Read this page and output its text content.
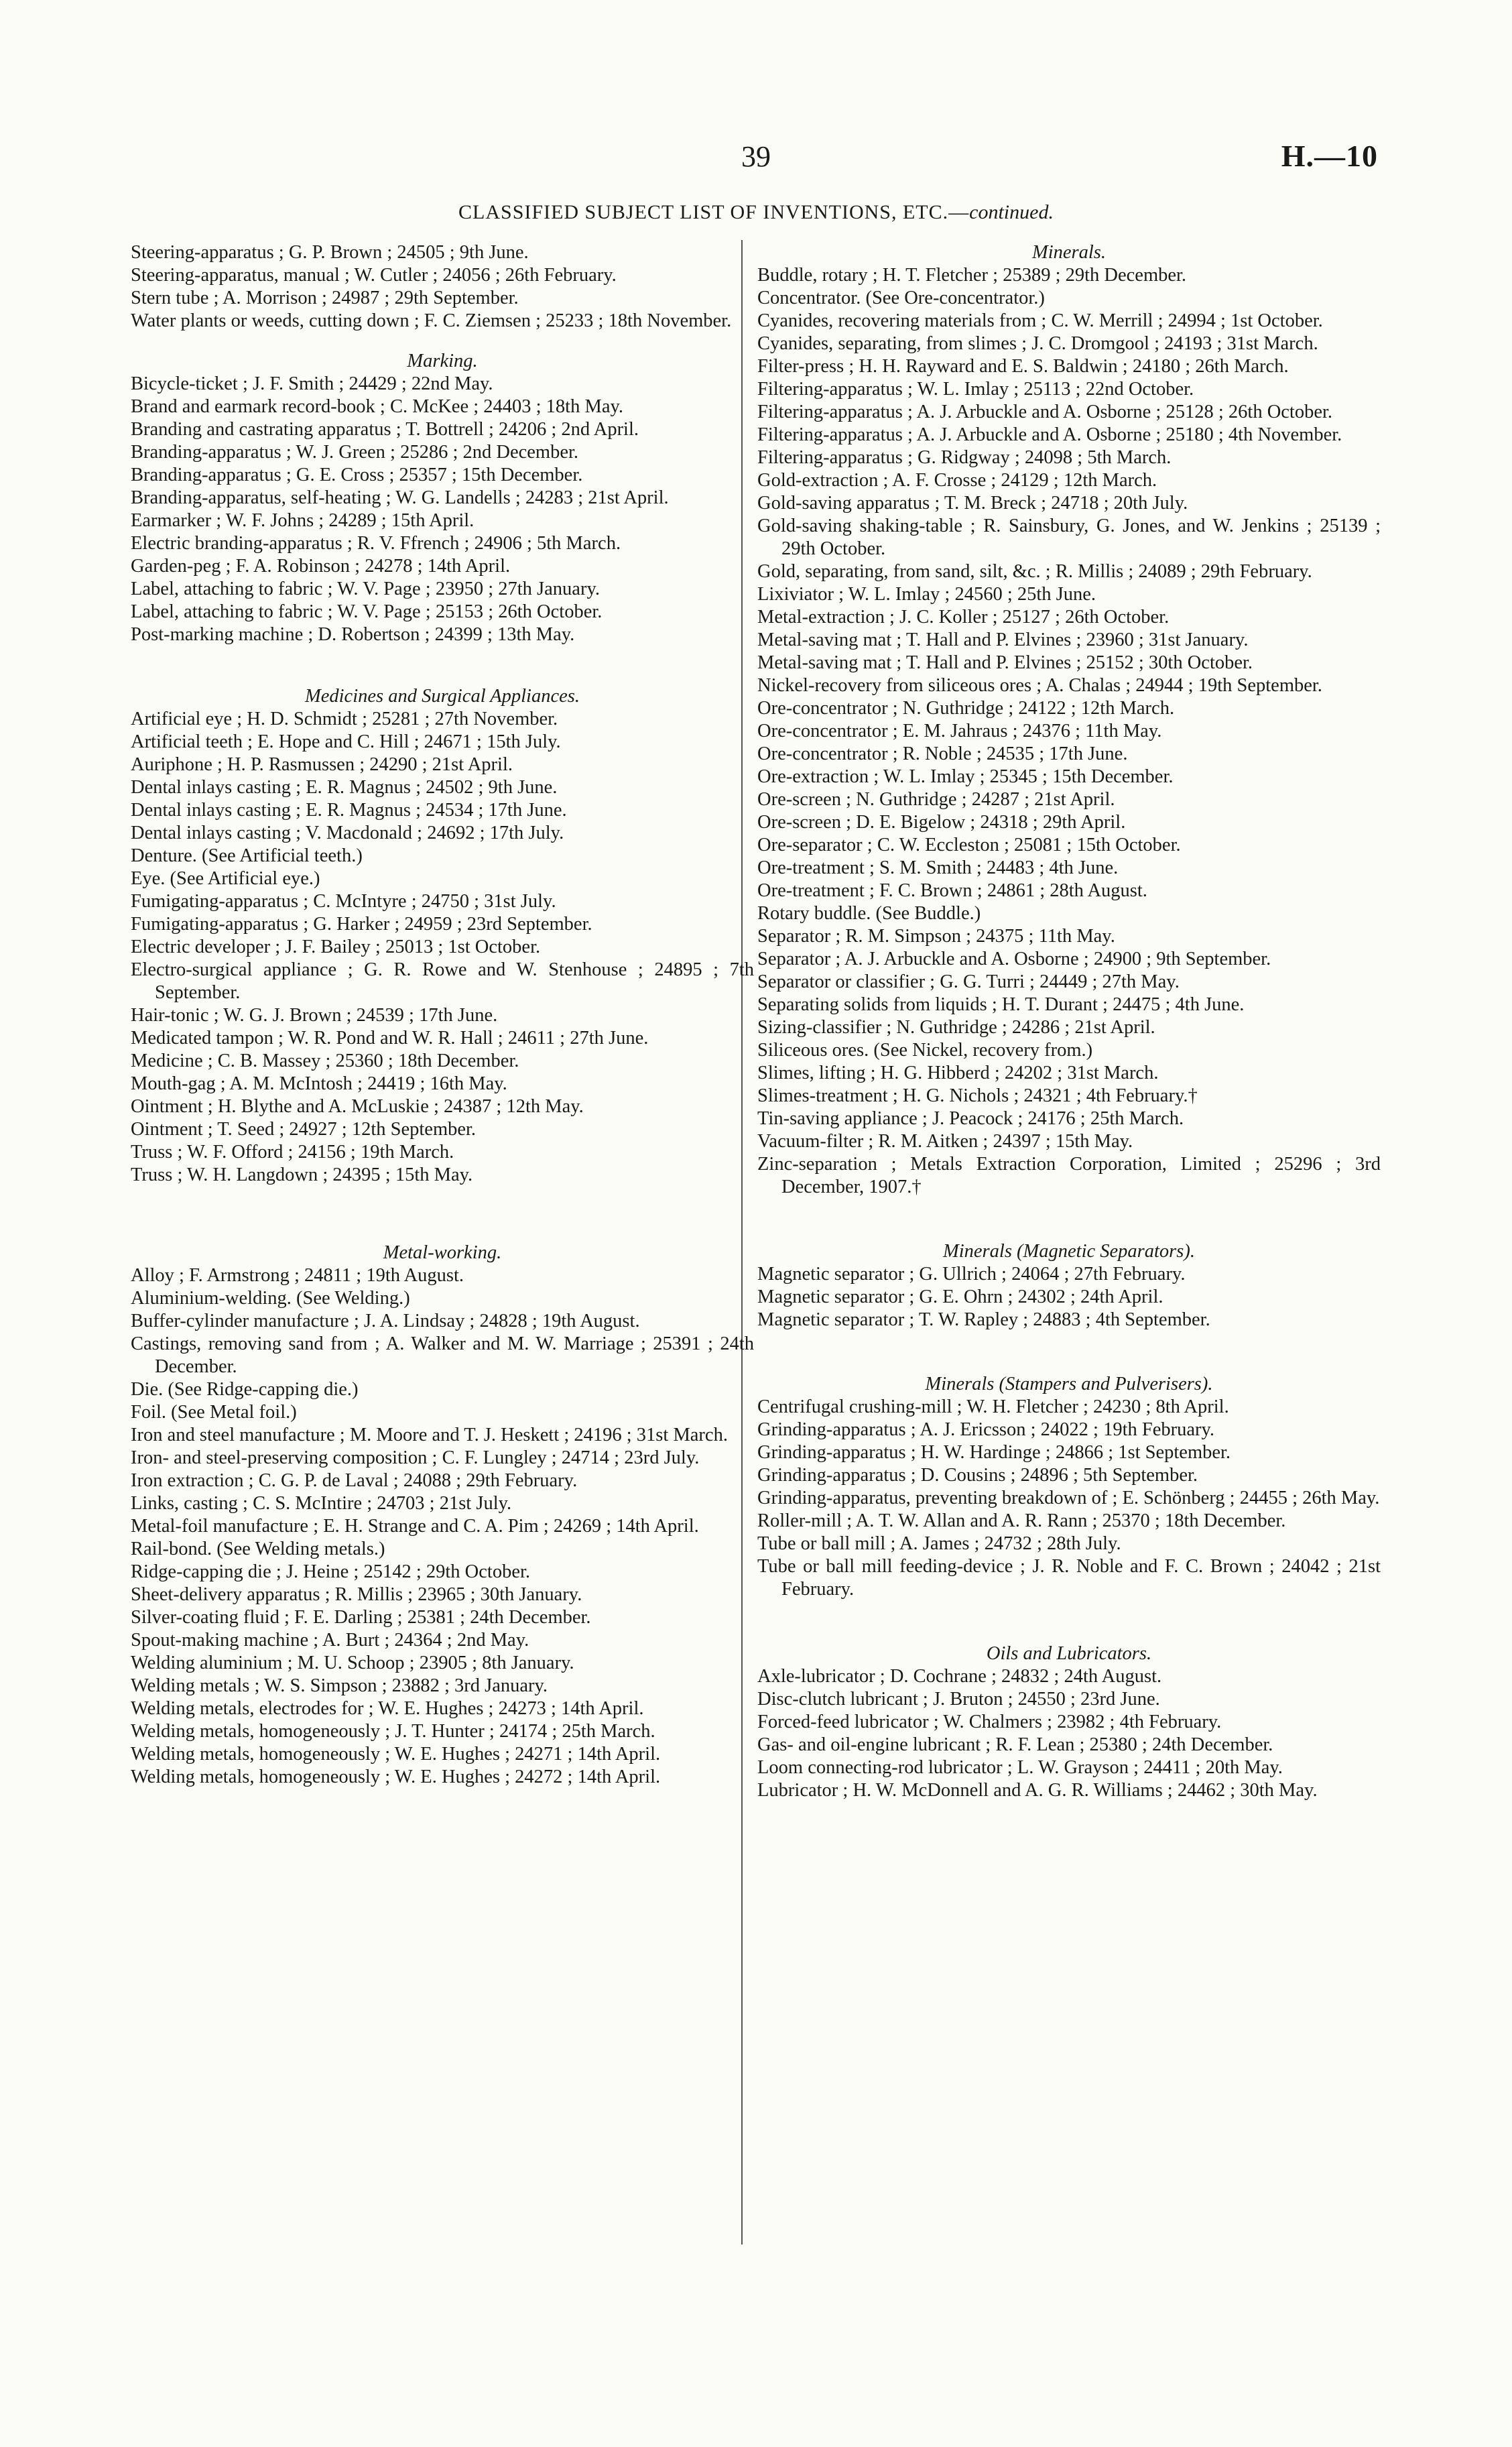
39	H.—10
CLASSIFIED SUBJECT LIST OF INVENTIONS, ETC.—continued.

Steering-apparatus ; G. P. Brown ; 24505 ; 9th June.

Steering-apparatus, manual ; W. Cutler ; 24056 ; 26th February.

Stern tube ; A. Morrison ; 24987 ; 29th September.

Water plants or weeds, cutting down ; F. C. Ziemsen ; 25233 ; 18th November.

Marking.

Bicycle-ticket ; J. F. Smith ; 24429 ; 22nd May.

Brand and earmark record-book ; C. McKee ; 24403 ; 18th May.

Branding and castrating apparatus ; T. Bottrell ; 24206 ; 2nd April.

Branding-apparatus ; W. J. Green ; 25286 ; 2nd December.

Branding-apparatus ; G. E. Cross ; 25357 ; 15th December.

Branding-apparatus, self-heating ; W. G. Landells ; 24283 ; 21st April.

Earmarker ; W. F. Johns ; 24289 ; 15th April.

Electric branding-apparatus ; R. V. Ffrench ; 24906 ; 5th March.

Garden-peg ; F. A. Robinson ; 24278 ; 14th April.

Label, attaching to fabric ; W. V. Page ; 23950 ; 27th January.

Label, attaching to fabric ; W. V. Page ; 25153 ; 26th October.

Post-marking machine ; D. Robertson ; 24399 ; 13th May.

Medicines and Surgical Appliances.

Artificial eye ; H. D. Schmidt ; 25281 ; 27th November.

Artificial teeth ; E. Hope and C. Hill ; 24671 ; 15th July.

Auriphone ; H. P. Rasmussen ; 24290 ; 21st April.

Dental inlays casting ; E. R. Magnus ; 24502 ; 9th June.

Dental inlays casting ; E. R. Magnus ; 24534 ; 17th June.

Dental inlays casting ; V. Macdonald ; 24692 ; 17th July.

Denture. (See Artificial teeth.)

Eye. (See Artificial eye.)

Fumigating-apparatus ; C. McIntyre ; 24750 ; 31st July.

Fumigating-apparatus ; G. Harker ; 24959 ; 23rd September.

Electric developer ; J. F. Bailey ; 25013 ; 1st October.

Electro-surgical appliance ; G. R. Rowe and W. Stenhouse ; 24895 ; 7th September.

Hair-tonic ; W. G. J. Brown ; 24539 ; 17th June.

Medicated tampon ; W. R. Pond and W. R. Hall ; 24611 ; 27th June.

Medicine ; C. B. Massey ; 25360 ; 18th December.

Mouth-gag ; A. M. McIntosh ; 24419 ; 16th May.

Ointment ; H. Blythe and A. McLuskie ; 24387 ; 12th May.

Ointment ; T. Seed ; 24927 ; 12th September.

Truss ; W. F. Offord ; 24156 ; 19th March.

Truss ; W. H. Langdown ; 24395 ; 15th May.

Metal-working.

Alloy ; F. Armstrong ; 24811 ; 19th August.

Aluminium-welding. (See Welding.)

Buffer-cylinder manufacture ; J. A. Lindsay ; 24828 ; 19th August.

Castings, removing sand from ; A. Walker and M. W. Marriage ; 25391 ; 24th December.

Die. (See Ridge-capping die.)

Foil. (See Metal foil.)

Iron and steel manufacture ; M. Moore and T. J. Heskett ; 24196 ; 31st March.

Iron- and steel-preserving composition ; C. F. Lungley ; 24714 ; 23rd July.

Iron extraction ; C. G. P. de Laval ; 24088 ; 29th February.

Links, casting ; C. S. McIntire ; 24703 ; 21st July.

Metal-foil manufacture ; E. H. Strange and C. A. Pim ; 24269 ; 14th April.

Rail-bond. (See Welding metals.)

Ridge-capping die ; J. Heine ; 25142 ; 29th October.

Sheet-delivery apparatus ; R. Millis ; 23965 ; 30th January.

Silver-coating fluid ; F. E. Darling ; 25381 ; 24th December.

Spout-making machine ; A. Burt ; 24364 ; 2nd May.

Welding aluminium ; M. U. Schoop ; 23905 ; 8th January.

Welding metals ; W. S. Simpson ; 23882 ; 3rd January.

Welding metals, electrodes for ; W. E. Hughes ; 24273 ; 14th April.

Welding metals, homogeneously ; J. T. Hunter ; 24174 ; 25th March.

Welding metals, homogeneously ; W. E. Hughes ; 24271 ; 14th April.

Welding metals, homogeneously ; W. E. Hughes ; 24272 ; 14th April.

Minerals.

Buddle, rotary ; H. T. Fletcher ; 25389 ; 29th December.

Concentrator. (See Ore-concentrator.)

Cyanides, recovering materials from ; C. W. Merrill ; 24994 ; 1st October.

Cyanides, separating, from slimes ; J. C. Dromgool ; 24193 ; 31st March.

Filter-press ; H. H. Rayward and E. S. Baldwin ; 24180 ; 26th March.

Filtering-apparatus ; W. L. Imlay ; 25113 ; 22nd October.

Filtering-apparatus ; A. J. Arbuckle and A. Osborne ; 25128 ; 26th October.

Filtering-apparatus ; A. J. Arbuckle and A. Osborne ; 25180 ; 4th November.

Filtering-apparatus ; G. Ridgway ; 24098 ; 5th March.

Gold-extraction ; A. F. Crosse ; 24129 ; 12th March.

Gold-saving apparatus ; T. M. Breck ; 24718 ; 20th July.

Gold-saving shaking-table ; R. Sainsbury, G. Jones, and W. Jenkins ; 25139 ; 29th October.

Gold, separating, from sand, silt, &c. ; R. Millis ; 24089 ; 29th February.

Lixiviator ; W. L. Imlay ; 24560 ; 25th June.

Metal-extraction ; J. C. Koller ; 25127 ; 26th October.

Metal-saving mat ; T. Hall and P. Elvines ; 23960 ; 31st January.

Metal-saving mat ; T. Hall and P. Elvines ; 25152 ; 30th October.

Nickel-recovery from siliceous ores ; A. Chalas ; 24944 ; 19th September.

Ore-concentrator ; N. Guthridge ; 24122 ; 12th March.

Ore-concentrator ; E. M. Jahraus ; 24376 ; 11th May.

Ore-concentrator ; R. Noble ; 24535 ; 17th June.

Ore-extraction ; W. L. Imlay ; 25345 ; 15th December.

Ore-screen ; N. Guthridge ; 24287 ; 21st April.

Ore-screen ; D. E. Bigelow ; 24318 ; 29th April.

Ore-separator ; C. W. Eccleston ; 25081 ; 15th October.

Ore-treatment ; S. M. Smith ; 24483 ; 4th June.

Ore-treatment ; F. C. Brown ; 24861 ; 28th August.

Rotary buddle. (See Buddle.)

Separator ; R. M. Simpson ; 24375 ; 11th May.

Separator ; A. J. Arbuckle and A. Osborne ; 24900 ; 9th September.

Separator or classifier ; G. G. Turri ; 24449 ; 27th May.

Separating solids from liquids ; H. T. Durant ; 24475 ; 4th June.

Sizing-classifier ; N. Guthridge ; 24286 ; 21st April.

Siliceous ores. (See Nickel, recovery from.)

Slimes, lifting ; H. G. Hibberd ; 24202 ; 31st March.

Slimes-treatment ; H. G. Nichols ; 24321 ; 4th February.†

Tin-saving appliance ; J. Peacock ; 24176 ; 25th March.

Vacuum-filter ; R. M. Aitken ; 24397 ; 15th May.

Zinc-separation ; Metals Extraction Corporation, Limited ; 25296 ; 3rd December, 1907.†

Minerals (Magnetic Separators).

Magnetic separator ; G. Ullrich ; 24064 ; 27th February.

Magnetic separator ; G. E. Ohrn ; 24302 ; 24th April.

Magnetic separator ; T. W. Rapley ; 24883 ; 4th September.

Minerals (Stampers and Pulverisers).

Centrifugal crushing-mill ; W. H. Fletcher ; 24230 ; 8th April.

Grinding-apparatus ; A. J. Ericsson ; 24022 ; 19th February.

Grinding-apparatus ; H. W. Hardinge ; 24866 ; 1st September.

Grinding-apparatus ; D. Cousins ; 24896 ; 5th September.

Grinding-apparatus, preventing breakdown of ; E. Schönberg ; 24455 ; 26th May.

Roller-mill ; A. T. W. Allan and A. R. Rann ; 25370 ; 18th December.

Tube or ball mill ; A. James ; 24732 ; 28th July.

Tube or ball mill feeding-device ; J. R. Noble and F. C. Brown ; 24042 ; 21st February.

Oils and Lubricators.

Axle-lubricator ; D. Cochrane ; 24832 ; 24th August.

Disc-clutch lubricant ; J. Bruton ; 24550 ; 23rd June.

Forced-feed lubricator ; W. Chalmers ; 23982 ; 4th February.

Gas- and oil-engine lubricant ; R. F. Lean ; 25380 ; 24th December.

Loom connecting-rod lubricator ; L. W. Grayson ; 24411 ; 20th May.

Lubricator ; H. W. McDonnell and A. G. R. Williams ; 24462 ; 30th May.
